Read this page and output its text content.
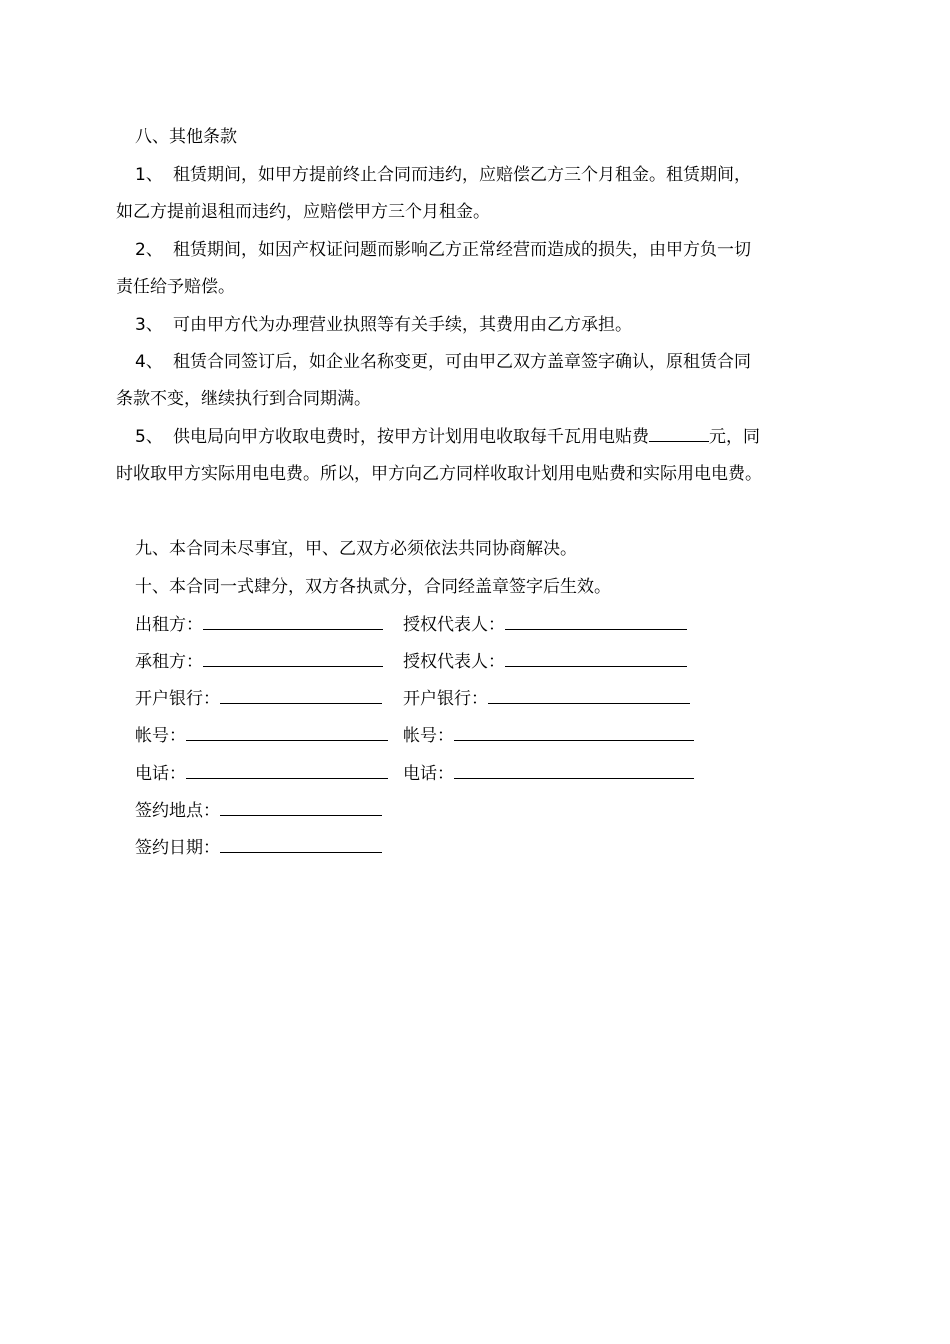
八、其他条款
1、 租赁期间，如甲方提前终止合同而违约，应赔偿乙方三个月租金。租赁期间，
如乙方提前退租而违约，应赔偿甲方三个月租金。
2、 租赁期间，如因产权证问题而影响乙方正常经营而造成的损失，由甲方负一切
责任给予赔偿。
3、 可由甲方代为办理营业执照等有关手续，其费用由乙方承担。
4、 租赁合同签订后，如企业名称变更，可由甲乙双方盖章签字确认，原租赁合同
条款不变，继续执行到合同期满。
5、 供电局向甲方收取电费时，按甲方计划用电收取每千瓦用电贴费	元，同
时收取甲方实际用电电费。所以，甲方向乙方同样收取计划用电贴费和实际用电电费。
九、本合同未尽事宜，甲、乙双方必须依法共同协商解决。
十、本合同一式肆分，双方各执贰分，合同经盖章签字后生效。
出租方：	授权代表人：
承租方：	授权代表人：
开户银行：	开户银行：
帐号：	帐号：
电话：	电话：
签约地点：
签约日期：
